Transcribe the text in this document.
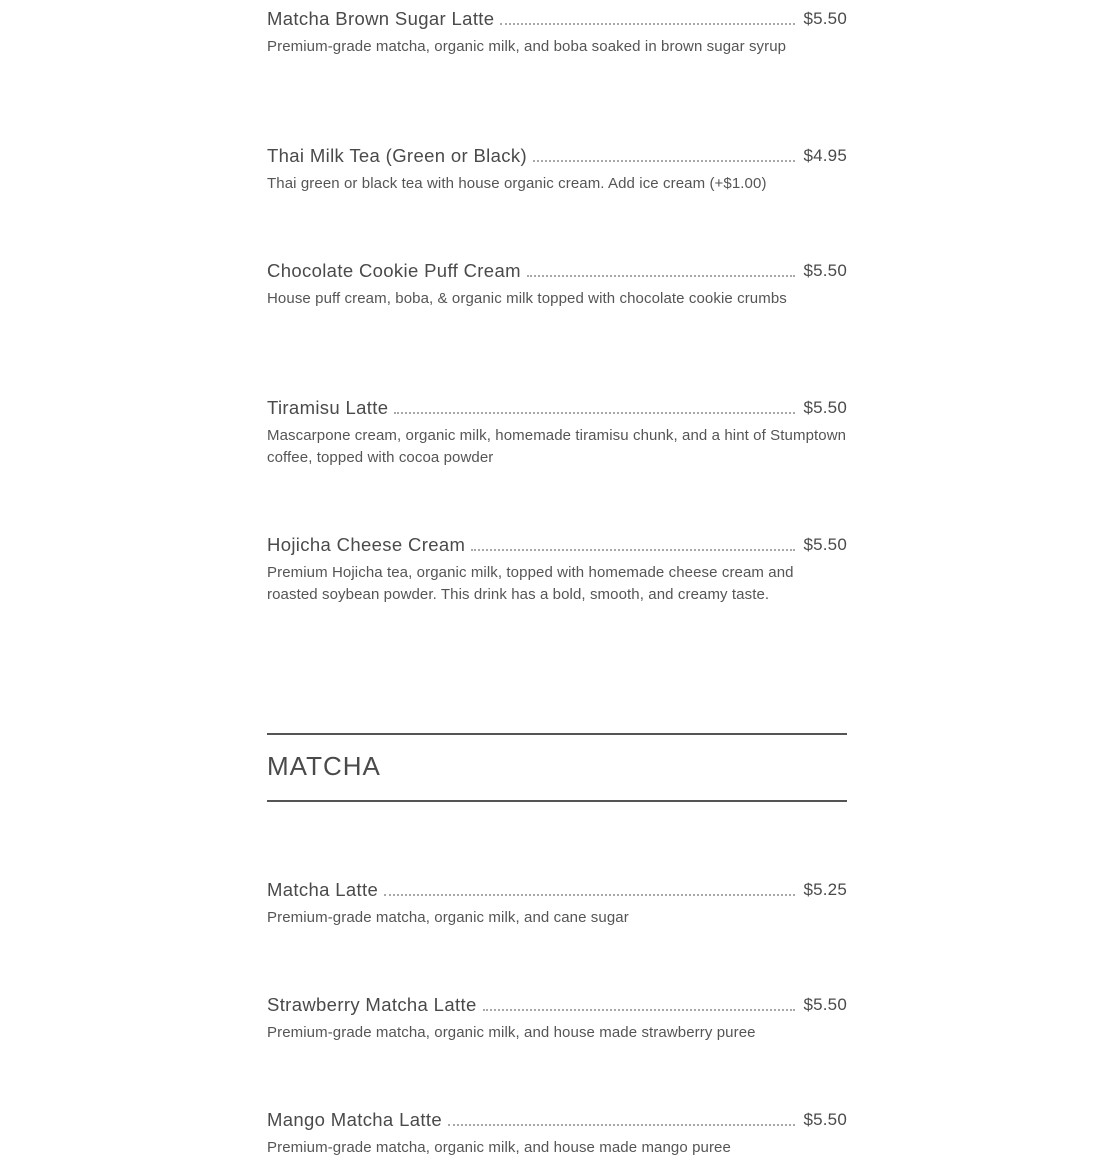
Matcha Brown Sugar Latte	$5.50
Premium-grade matcha, organic milk, and boba soaked in brown sugar syrup
Thai Milk Tea (Green or Black)	$4.95
Thai green or black tea with house organic cream. Add ice cream (+$1.00)
Chocolate Cookie Puff Cream	$5.50
House puff cream, boba, & organic milk topped with chocolate cookie crumbs
Tiramisu Latte	$5.50
Mascarpone cream, organic milk, homemade tiramisu chunk, and a hint of Stumptown coffee, topped with cocoa powder
Hojicha Cheese Cream	$5.50
Premium Hojicha tea, organic milk, topped with homemade cheese cream and roasted soybean powder. This drink has a bold, smooth, and creamy taste.
MATCHA
Matcha Latte	$5.25
Premium-grade matcha, organic milk, and cane sugar
Strawberry Matcha Latte	$5.50
Premium-grade matcha, organic milk, and house made strawberry puree
Mango Matcha Latte	$5.50
Premium-grade matcha, organic milk, and house made mango puree
